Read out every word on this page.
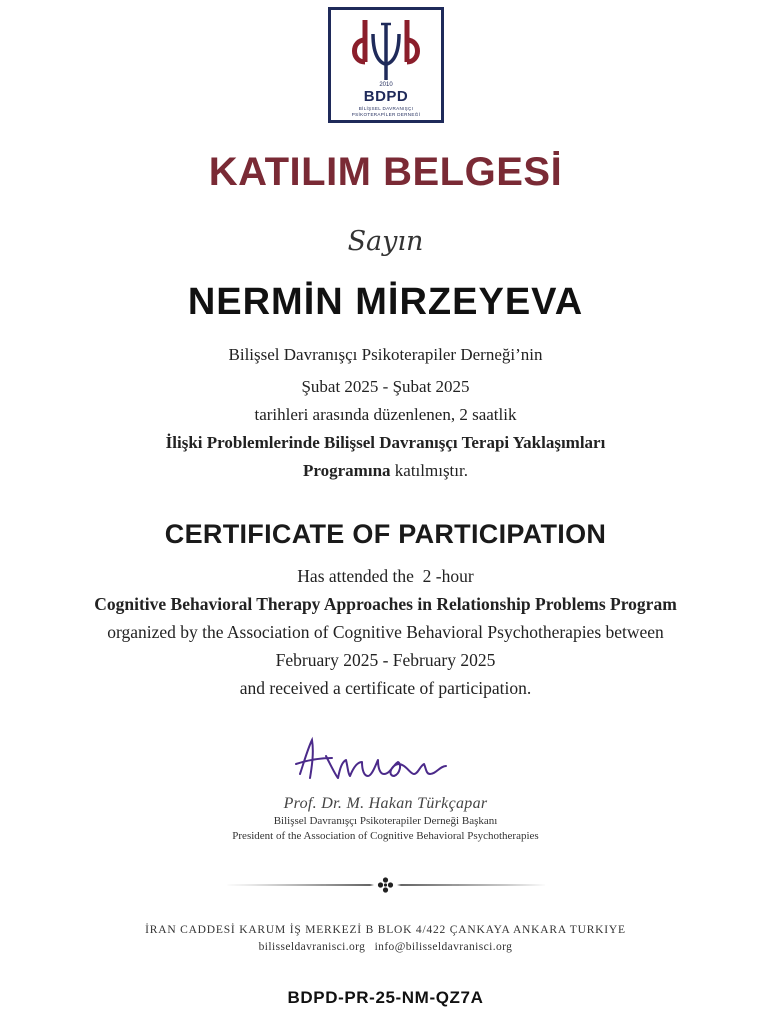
2010
BDPD
BİLİŞSEL DAVRANIŞÇI
PSİKOTERAPİLER DERNEĞİ
KATILIM BELGESİ
Sayın
NERMİN MİRZEYEVA
Bilişsel Davranışçı Psikoterapiler Derneği’nin
Şubat 2025 - Şubat 2025
tarihleri arasında düzenlenen, 2 saatlik
İlişki Problemlerinde Bilişsel Davranışçı Terapi Yaklaşımları
Programına katılmıştır.
CERTIFICATE OF PARTICIPATION
Has attended the  2 -hour
Cognitive Behavioral Therapy Approaches in Relationship Problems Program
organized by the Association of Cognitive Behavioral Psychotherapies between
February 2025 - February 2025
and received a certificate of participation.
Prof. Dr. M. Hakan Türkçapar
Bilişsel Davranışçı Psikoterapiler Derneği Başkanı
President of the Association of Cognitive Behavioral Psychotherapies
İRAN CADDESİ KARUM İŞ MERKEZİ B BLOK 4/422 ÇANKAYA ANKARA TURKIYE
bilisseldavranisci.org info@bilisseldavranisci.org
BDPD-PR-25-NM-QZ7A
